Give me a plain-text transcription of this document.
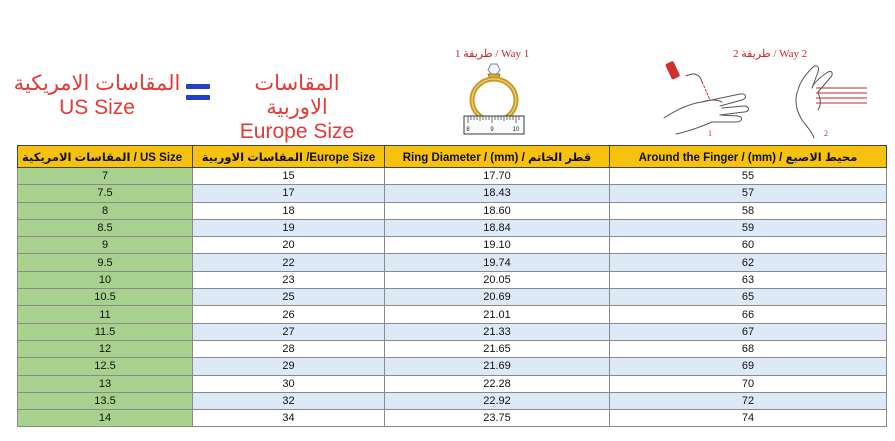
المقاسات الامريكية
US Size
المقاسات الاوربية
Europe Size
1 طريقة / Way 1	2 طريقة / Way 2
8	9	10	1	2
المقاسات الامريكية / US Size	المقاسات الاوربية /Europe Size	Ring Diameter / (mm) / قطر الخاتم	Around the Finger / (mm) / محيط الاصبع
7	15	17.70	55
7.5	17	18.43	57
8	18	18.60	58
8.5	19	18.84	59
9	20	19.10	60
9.5	22	19.74	62
10	23	20.05	63
10.5	25	20.69	65
11	26	21.01	66
11.5	27	21.33	67
12	28	21.65	68
12.5	29	21.69	69
13	30	22.28	70
13.5	32	22.92	72
14	34	23.75	74
